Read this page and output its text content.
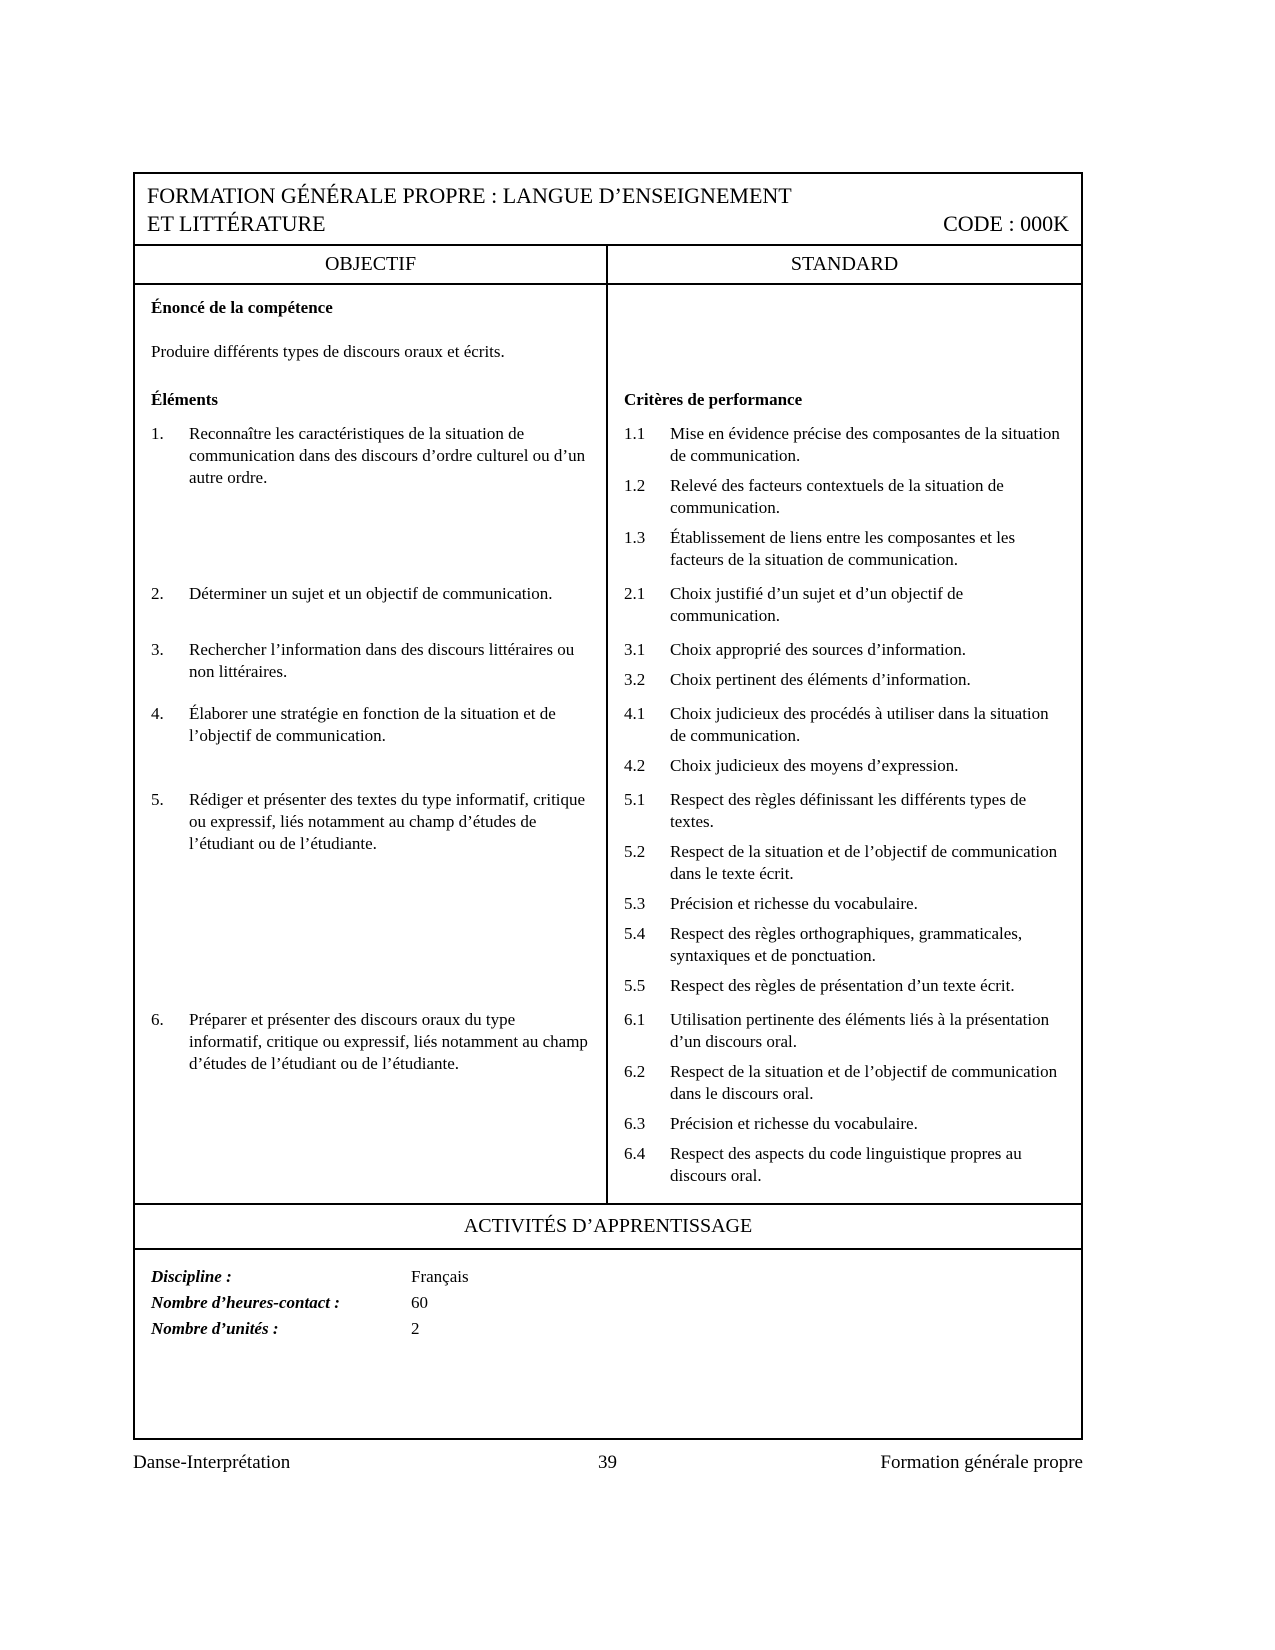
FORMATION GÉNÉRALE PROPRE : LANGUE D’ENSEIGNEMENT
ET LITTÉRATURE	CODE : 000K
OBJECTIF	STANDARD
Énoncé de la compétence
Produire différents types de discours oraux et écrits.
Éléments	Critères de performance
1.	Reconnaître les caractéristiques de la situation de communication dans des discours d’ordre culturel ou d’un autre ordre.
1.1	Mise en évidence précise des composantes de la situation de communication.
1.2	Relevé des facteurs contextuels de la situation de communication.
1.3	Établissement de liens entre les composantes et les facteurs de la situation de communication.
2.	Déterminer un sujet et un objectif de communication.	2.1	Choix justifié d’un sujet et d’un objectif de communication.
3.	Rechercher l’information dans des discours littéraires ou non littéraires.
3.1	Choix approprié des sources d’information.
3.2	Choix pertinent des éléments d’information.
4.	Élaborer une stratégie en fonction de la situation et de l’objectif de communication.
4.1	Choix judicieux des procédés à utiliser dans la situation de communication.
4.2	Choix judicieux des moyens d’expression.
5.	Rédiger et présenter des textes du type informatif, critique ou expressif, liés notamment au champ d’études de l’étudiant ou de l’étudiante.
5.1	Respect des règles définissant les différents types de textes.
5.2	Respect de la situation et de l’objectif de communication dans le texte écrit.
5.3	Précision et richesse du vocabulaire.
5.4	Respect des règles orthographiques, grammaticales, syntaxiques et de ponctuation.
5.5	Respect des règles de présentation d’un texte écrit.
6.	Préparer et présenter des discours oraux du type informatif, critique ou expressif, liés notamment au champ d’études de l’étudiant ou de l’étudiante.
6.1	Utilisation pertinente des éléments liés à la présentation d’un discours oral.
6.2	Respect de la situation et de l’objectif de communication dans le discours oral.
6.3	Précision et richesse du vocabulaire.
6.4	Respect des aspects du code linguistique propres au discours oral.
ACTIVITÉS D’APPRENTISSAGE
Discipline :	Français
Nombre d’heures-contact :	60
Nombre d’unités :	2
Danse-Interprétation	39	Formation générale propre
